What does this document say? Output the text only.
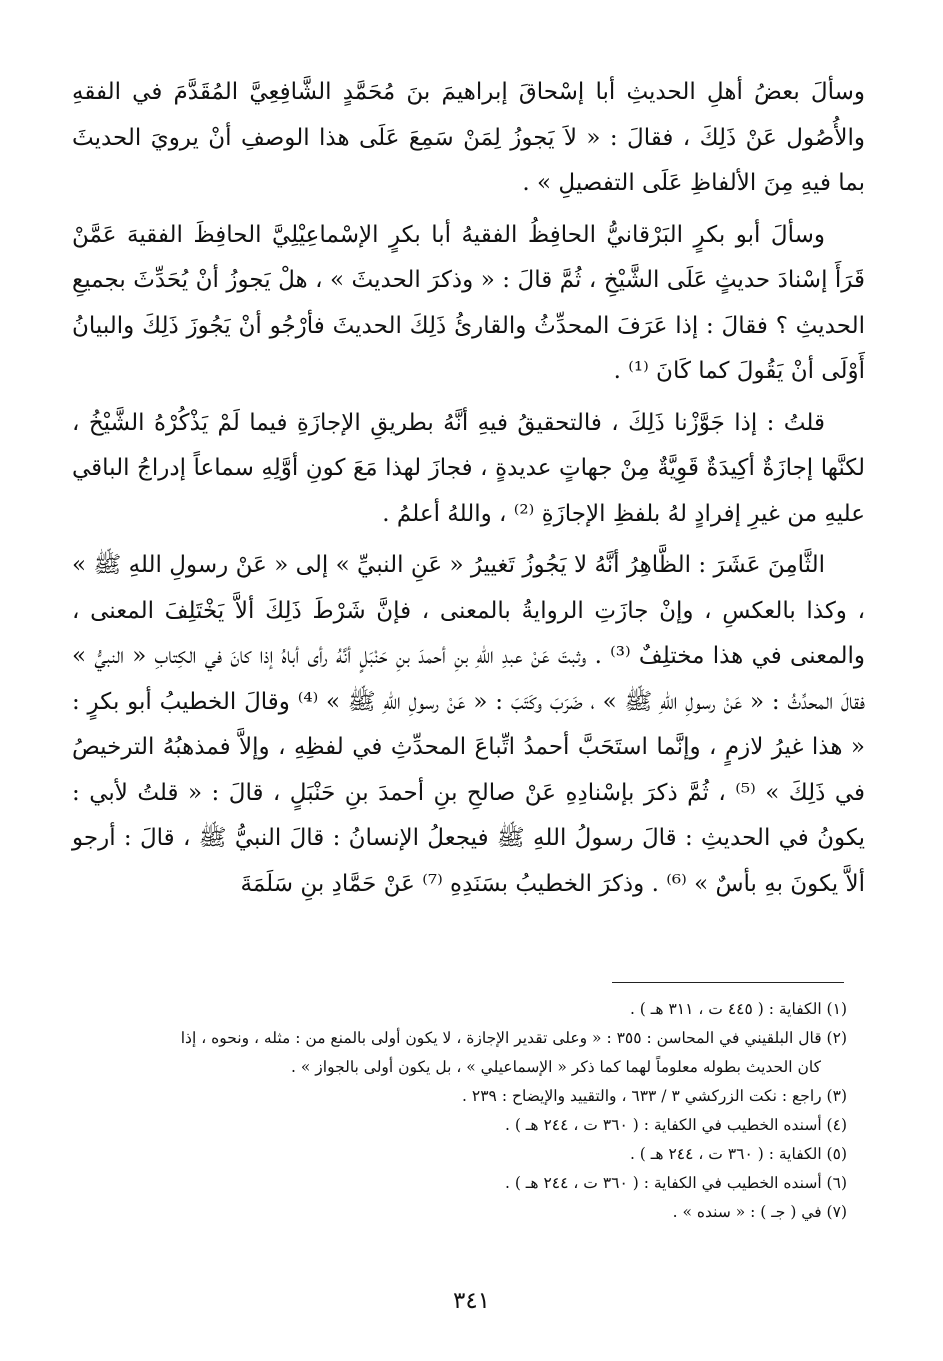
وسألَ بعضُ أهلِ الحديثِ أبا إسْحاقَ إبراهيمَ بنَ مُحَمَّدٍ الشَّافِعِيَّ المُقَدَّمَ في الفقهِ والأُصُول عَنْ ذَلِكَ ، فقالَ : « لاَ يَجوزُ لِمَنْ سَمِعَ عَلَى هذا الوصفِ أنْ يرويَ الحديثَ بما فيهِ مِنَ الألفاظِ عَلَى التفصيلِ » .

وسألَ أبو بكرٍ البَرْقانيُّ الحافِظُ الفقيهُ أبا بكرٍ الإسْماعِيْلِيَّ الحافِظَ الفقيهَ عَمَّنْ قَرَأَ إسْنادَ حديثٍ عَلَى الشَّيْخِ ، ثُمَّ قالَ : « وذكرَ الحديثَ » ، هلْ يَجوزُ أنْ يُحَدِّثَ بجميعِ الحديثِ ؟ فقالَ : إذا عَرَفَ المحدِّثُ والقارئُ ذَلِكَ الحديثَ فأرْجُو أنْ يَجُوزَ ذَلِكَ والبيانُ أَوْلَى أنْ يَقُولَ كما كَانَ ⁽¹⁾ .

قلتُ : إذا جَوَّزْنا ذَلِكَ ، فالتحقيقُ فيهِ أنَّهُ بطريقِ الإجازَةِ فيما لَمْ يَذْكُرْهُ الشَّيْخُ ، لكنَّها إجازَةٌ أكِيدَةٌ قَوِيَّةٌ مِنْ جهاتٍ عديدةٍ ، فجازَ لهذا مَعَ كونِ أوَّلِهِ سماعاً إدراجُ الباقي عليهِ من غيرِ إفرادٍ لهُ بلفظِ الإجازَةِ ⁽²⁾ ، واللهُ أعلمُ .

الثَّامِنَ عَشَرَ : الظَّاهِرُ أنَّهُ لا يَجُوزُ تَغييرُ « عَنِ النبيِّ » إلى « عَنْ رسولِ اللهِ ﷺ » ، وكذا بالعكسِ ، وإنْ جازَتِ الروايةُ بالمعنى ، فإنَّ شَرْطَ ذَلِكَ ألاَّ يَخْتَلِفَ المعنى ، والمعنى في هذا مختلِفٌ ⁽³⁾ . وثبتَ عَنْ عبدِ اللهِ بنِ أحمدَ بنِ حَنْبَلٍ أنَّهُ رأى أباهُ إذا كانَ في الكِتابِ « النبيُّ » فقالَ المحدِّثُ : « عَنْ رسولِ اللهِ ﷺ » ، ضَرَبَ وكَتَبَ : « عَنْ رسولِ اللهِ ﷺ » ⁽⁴⁾ وقالَ الخطيبُ أبو بكرٍ : « هذا غيرُ لازمٍ ، وإنَّما استَحَبَّ أحمدُ اتِّباعَ المحدِّثِ في لفظِهِ ، وإلاَّ فمذهبُهُ الترخيصُ في ذَلِكَ » ⁽⁵⁾ ، ثُمَّ ذكرَ بإسْنادِهِ عَنْ صالحِ بنِ أحمدَ بنِ حَنْبَلٍ ، قالَ : « قلتُ لأبي : يكونُ في الحديثِ : قالَ رسولُ اللهِ ﷺ فيجعلُ الإنسانُ : قالَ النبيُّ ﷺ ، قالَ : أرجو ألاَّ يكونَ بهِ بأسٌ » ⁽⁶⁾ . وذكرَ الخطيبُ بسَنَدِهِ ⁽⁷⁾ عَنْ حَمَّادِ بنِ سَلَمَةَ

(١) الكفاية : ( ٤٤٥ ت ، ٣١١ هـ ) .
(٢) قال البلقيني في المحاسن : ٣٥٥ : « وعلى تقدير الإجازة ، لا يكون أولى بالمنع من : مثله ، ونحوه ، إذا
كان الحديث بطوله معلوماً لهما كما ذكر « الإسماعيلي » ، بل يكون أولى بالجواز » .
(٣) راجع : نكت الزركشي ٣ / ٦٣٣ ، والتقييد والإيضاح : ٢٣٩ .
(٤) أسنده الخطيب في الكفاية : ( ٣٦٠ ت ، ٢٤٤ هـ ) .
(٥) الكفاية : ( ٣٦٠ ت ، ٢٤٤ هـ ) .
(٦) أسنده الخطيب في الكفاية : ( ٣٦٠ ت ، ٢٤٤ هـ ) .
(٧) في ( جـ ) : « سنده » .
٣٤١
